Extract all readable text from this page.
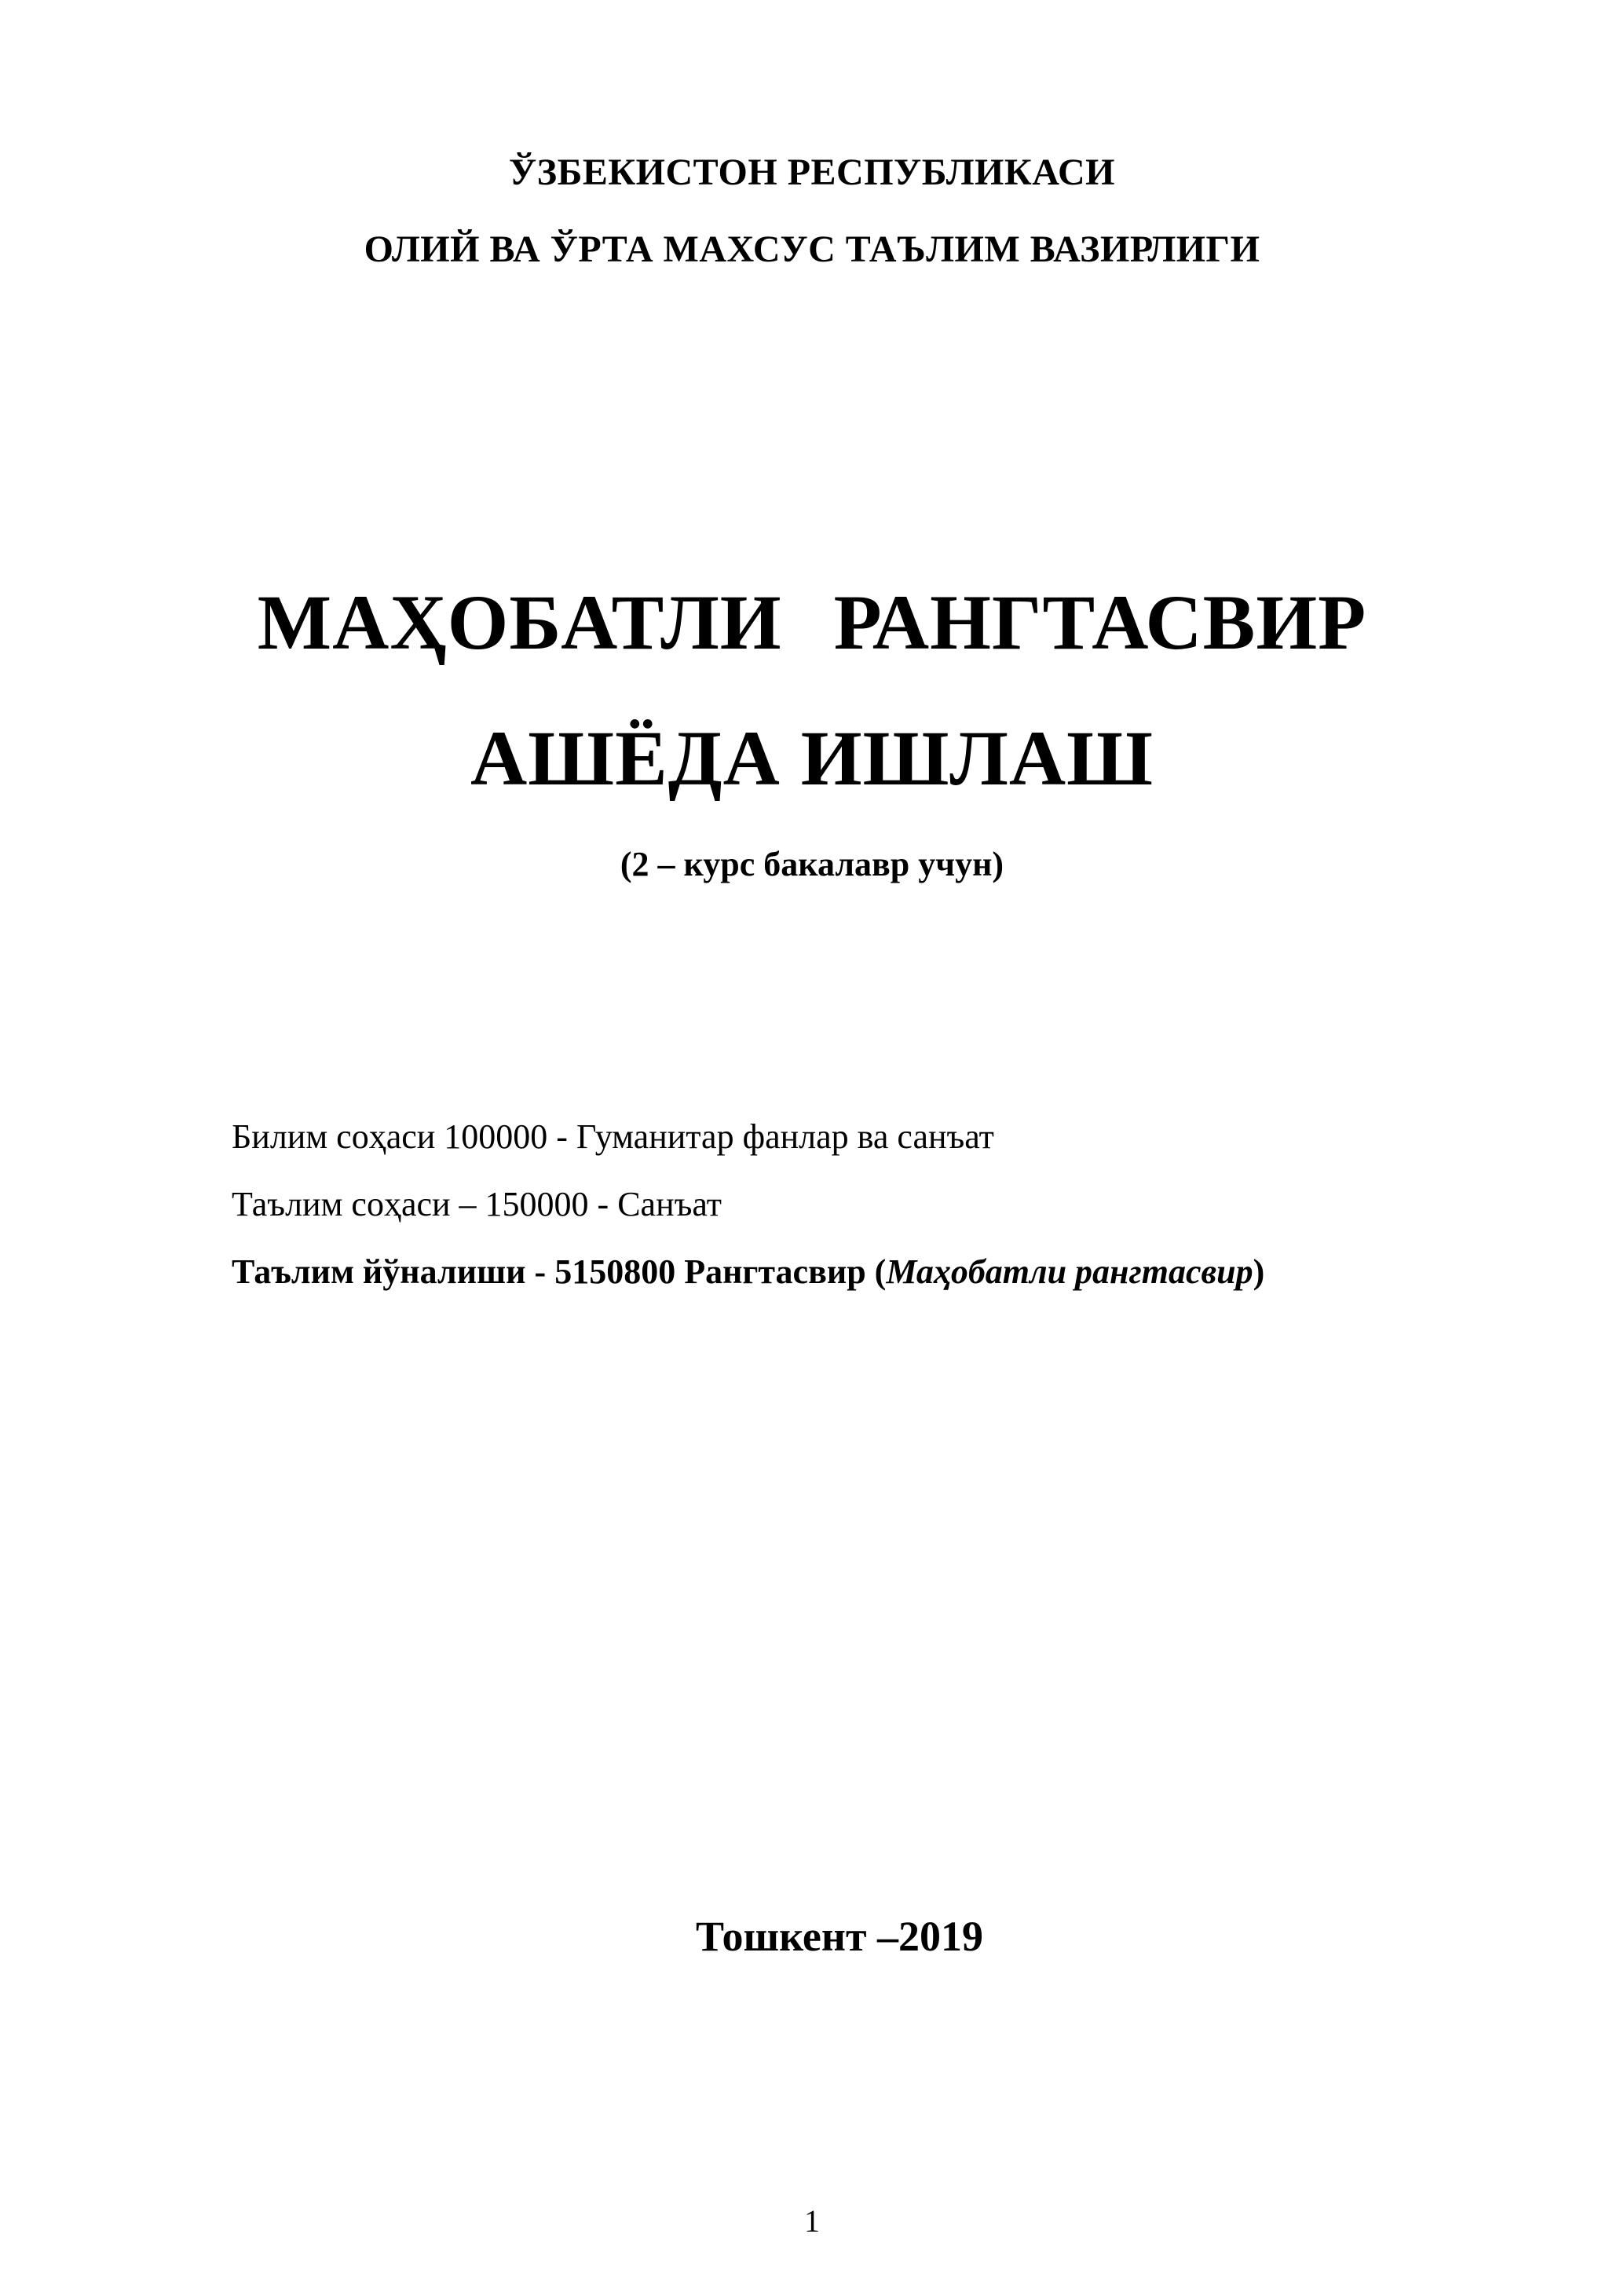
ЎЗБЕКИСТОН РЕСПУБЛИКАСИ
ОЛИЙ ВА ЎРТА МАХСУС ТАЪЛИМ ВАЗИРЛИГИ
МАҲОБАТЛИ РАНГТАСВИР
АШЁДА ИШЛАШ
(2 – курс бакалавр учун)
Билим соҳаси 100000 - Гуманитар фанлар ва санъат
Таълим соҳаси – 150000 - Санъат
Таълим йўналиши - 5150800 Рангтасвир (Маҳобатли рангтасвир)
Тошкент –2019
1
